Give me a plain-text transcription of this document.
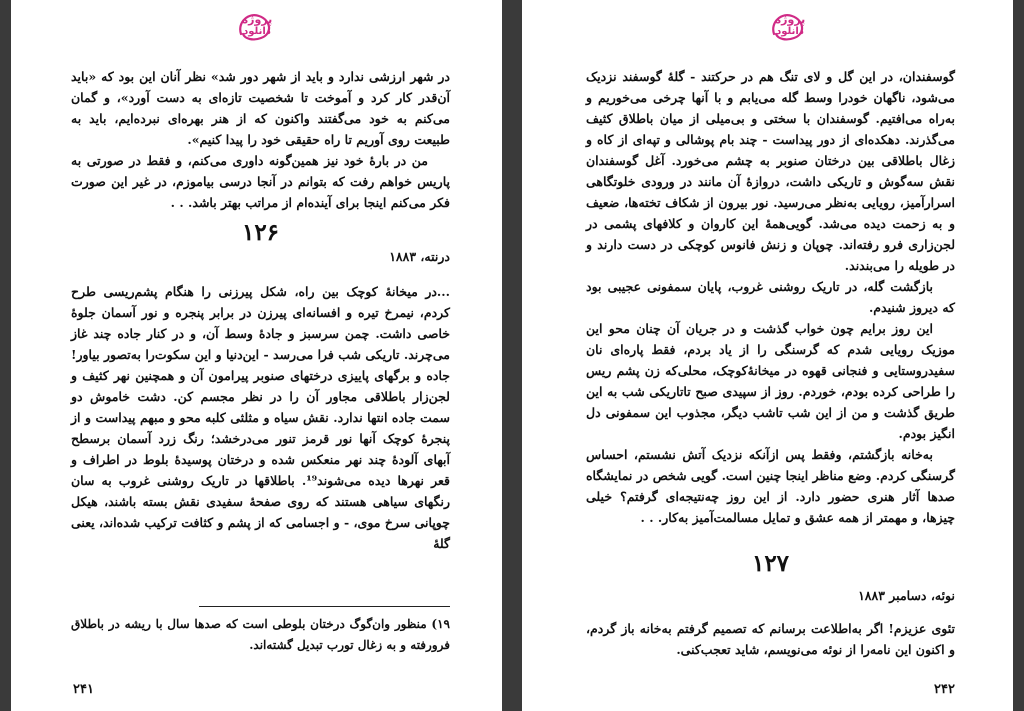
پروژه
دانلود

در شهر ارزشی ندارد و باید از شهر دور شد» نظر آنان این بود که «باید آن‌قدر کار کرد و آموخت تا شخصیت تازه‌ای به دست آورد»، و گمان می‌کنم به خود می‌گفتند واکنون که از هنر بهره‌ای نبرده‌ایم، باید به طبیعت روی آوریم تا راه حقیقی خود را پیدا کنیم».

من در بارهٔ خود نیز همین‌گونه داوری می‌کنم، و فقط در صورتی به پاریس خواهم رفت که بتوانم در آنجا درسی بیاموزم، در غیر این صورت فکر می‌کنم اینجا برای آینده‌ام از مراتب بهتر باشد. . .

۱۲۶

درنته، ۱۸۸۳

...در میخانهٔ کوچک بین راه، شکل پیرزنی را هنگام پشم‌ریسی طرح کردم، نیمرخ تیره و افسانه‌ای پیرزن در برابر پنجره و نور آسمان جلوهٔ خاصی داشت. چمن سرسبز و جادهٔ وسط آن، و در کنار جاده چند غاز می‌چرند. تاریکی شب فرا می‌رسد - این‌دنیا و این سکوت‌را به‌تصور بیاور! جاده و برگهای پاییزی درختهای صنوبر پیرامون آن و همچنین نهر کثیف و لجن‌زار باطلاقی مجاور آن را در نظر مجسم کن. دشت خاموش دو سمت جاده انتها ندارد. نقش سیاه و مثلثی کلبه محو و مبهم پیداست و از پنجرهٔ کوچک آنها نور قرمز تنور می‌درخشد؛ رنگ زرد آسمان برسطح آبهای آلودهٔ چند نهر منعکس شده و درختان پوسیدهٔ بلوط در اطراف و قعر نهرها دیده می‌شوند¹⁹. باطلاقها در تاریک روشنی غروب به سان رنگهای سیاهی هستند که روی صفحهٔ سفیدی نقش بسته باشند، هیکل چوپانی سرخ موی، - و اجسامی که از پشم و کثافت ترکیب شده‌اند، یعنی گلهٔ

۱۹) منظور وان‌گوگ درختان بلوطی است که صدها سال با ریشه در باطلاق فرورفته و به زغال تورب تبدیل گشته‌اند.
۲۴۱
پروژه
دانلود

گوسفندان، در این گل و لای تنگ هم در حرکتند - گلهٔ گوسفند نزدیک می‌شود، ناگهان خودرا وسط گله می‌یابم و با آنها چرخی می‌خوریم و به‌راه می‌افتیم. گوسفندان با سختی و بی‌میلی از میان باطلاق کثیف می‌گذرند. دهکده‌ای از دور پیداست - چند بام پوشالی و تپه‌ای از کاه و زغال باطلاقی بین درختان صنوبر به چشم می‌خورد. آغل گوسفندان نقش سه‌گوش و تاریکی داشت، دروازهٔ آن مانند در ورودی خلوتگاهی اسرارآمیز، رویایی به‌نظر می‌رسید. نور بیرون از شکاف تخته‌ها، ضعیف و به زحمت دیده می‌شد. گویی‌همهٔ این کاروان و کلافهای پشمی در لجن‌زاری فرو رفته‌اند. چوپان و زنش فانوس کوچکی در دست دارند و در طویله را می‌بندند.

بازگشت گله، در تاریک روشنی غروب، پایان سمفونی عجیبی بود که دیروز شنیدم.

این روز برایم چون خواب گذشت و در جریان آن چنان محو این موزیک رویایی شدم که گرسنگی را از یاد بردم، فقط پاره‌ای نان سفیدروستایی و فنجانی قهوه در میخانهٔ‌کوچک، محلی‌که زن پشم ریس را طراحی کرده بودم، خوردم. روز از سپیدی صبح تاتاریکی شب به این طریق گذشت و من از این شب تاشب دیگر، مجذوب این سمفونی دل انگیز بودم.

به‌خانه بازگشتم، وفقط پس ازآنکه نزدیک آتش نشستم، احساس گرسنگی کردم. وضع مناظر اینجا چنین است. گویی شخص در نمایشگاه صدها آثار هنری حضور دارد. از این روز چه‌نتیجه‌ای گرفتم؟ خیلی چیزها، و مهمتر از همه عشق و تمایل مسالمت‌آمیز به‌کار. . .

۱۲۷

نوئه، دسامبر ۱۸۸۳

تئوی عزیزم! اگر به‌اطلاعت برسانم که تصمیم گرفتم به‌خانه باز گردم، و اکنون این نامه‌را از نوئه می‌نویسم، شاید تعجب‌کنی.

۲۴۲
